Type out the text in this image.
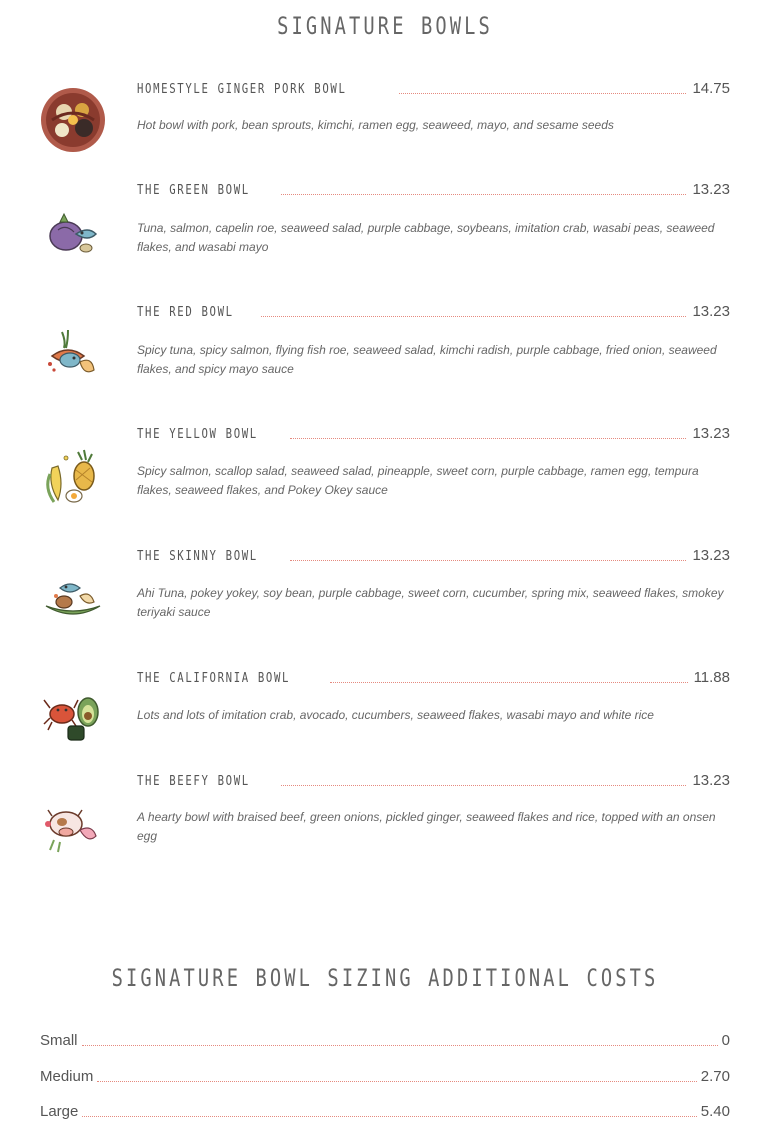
SIGNATURE BOWLS
HOMESTYLE GINGER PORK BOWL	14.75
Hot bowl with pork, bean sprouts, kimchi, ramen egg, seaweed, mayo, and sesame seeds
THE GREEN BOWL	13.23
Tuna, salmon, capelin roe, seaweed salad, purple cabbage, soybeans, imitation crab, wasabi peas, seaweed flakes, and wasabi mayo
THE RED BOWL	13.23
Spicy tuna, spicy salmon, flying fish roe, seaweed salad, kimchi radish, purple cabbage, fried onion, seaweed flakes, and spicy mayo sauce
THE YELLOW BOWL	13.23
Spicy salmon, scallop salad, seaweed salad, pineapple, sweet corn, purple cabbage, ramen egg, tempura flakes, seaweed flakes, and Pokey Okey sauce
THE SKINNY BOWL	13.23
Ahi Tuna, pokey yokey, soy bean, purple cabbage, sweet corn, cucumber, spring mix, seaweed flakes, smokey teriyaki sauce
THE CALIFORNIA BOWL	11.88
Lots and lots of imitation crab, avocado, cucumbers, seaweed flakes, wasabi mayo and white rice
THE BEEFY BOWL	13.23
A hearty bowl with braised beef, green onions, pickled ginger, seaweed flakes and rice, topped with an onsen egg
SIGNATURE BOWL SIZING ADDITIONAL COSTS
Small	0
Medium	2.70
Large	5.40
